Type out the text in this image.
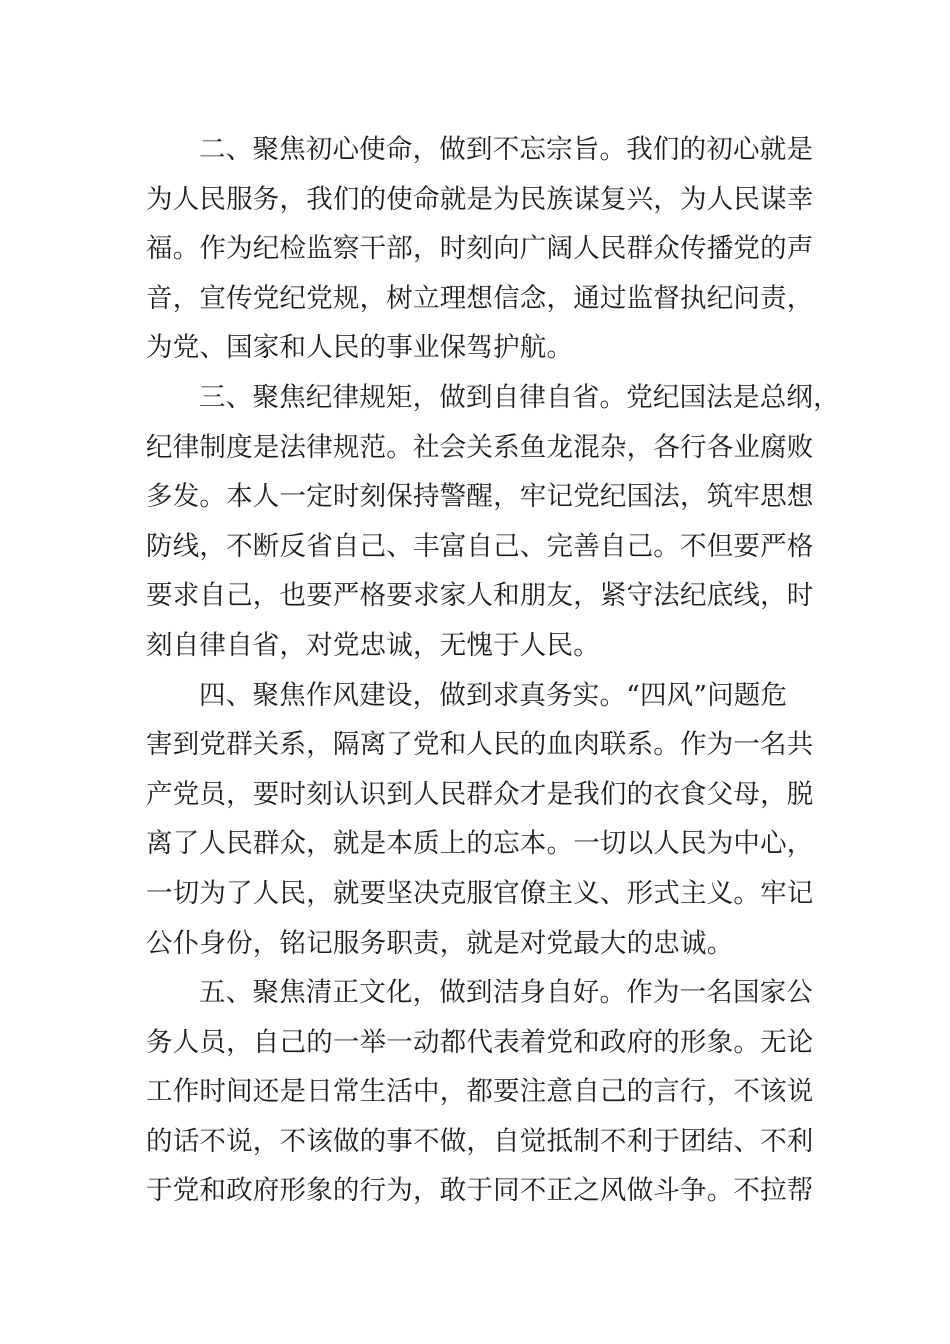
二、聚焦初心使命，做到不忘宗旨。我们的初心就是
为人民服务，我们的使命就是为民族谋复兴，为人民谋幸
福。作为纪检监察干部，时刻向广阔人民群众传播党的声
音，宣传党纪党规，树立理想信念，通过监督执纪问责，
为党、国家和人民的事业保驾护航。
三、聚焦纪律规矩，做到自律自省。党纪国法是总纲，
纪律制度是法律规范。社会关系鱼龙混杂，各行各业腐败
多发。本人一定时刻保持警醒，牢记党纪国法，筑牢思想
防线，不断反省自己、丰富自己、完善自己。不但要严格
要求自己，也要严格要求家人和朋友，紧守法纪底线，时
刻自律自省，对党忠诚，无愧于人民。
四、聚焦作风建设，做到求真务实。“四风”问题危
害到党群关系，隔离了党和人民的血肉联系。作为一名共
产党员，要时刻认识到人民群众才是我们的衣食父母，脱
离了人民群众，就是本质上的忘本。一切以人民为中心，
一切为了人民，就要坚决克服官僚主义、形式主义。牢记
公仆身份，铭记服务职责，就是对党最大的忠诚。
五、聚焦清正文化，做到洁身自好。作为一名国家公
务人员，自己的一举一动都代表着党和政府的形象。无论
工作时间还是日常生活中，都要注意自己的言行，不该说
的话不说，不该做的事不做，自觉抵制不利于团结、不利
于党和政府形象的行为，敢于同不正之风做斗争。不拉帮
